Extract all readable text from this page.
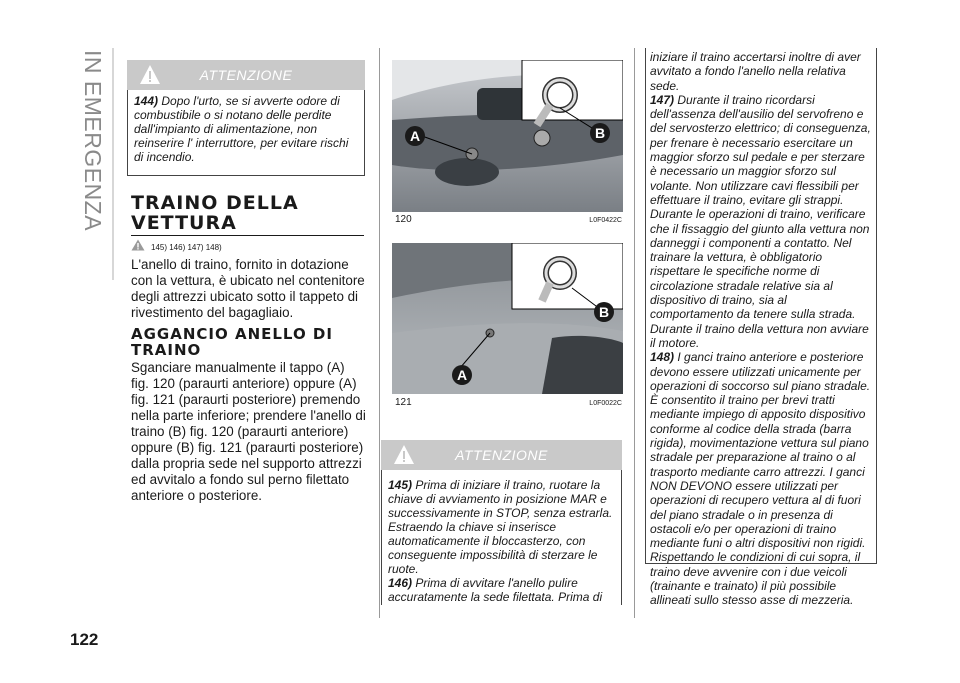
IN EMERGENZA
122
ATTENZIONE
144) Dopo l'urto, se si avverte odore di combustibile o si notano delle perdite dall'impianto di alimentazione, non reinserire l' interruttore, per evitare rischi di incendio.
TRAINO DELLA
VETTURA
145) 146) 147) 148)
L'anello di traino, fornito in dotazione con la vettura, è ubicato nel contenitore degli attrezzi ubicato sotto il tappeto di rivestimento del bagagliaio.
AGGANCIO ANELLO DI
TRAINO
Sganciare manualmente il tappo (A) fig. 120 (paraurti anteriore) oppure (A) fig. 121 (paraurti posteriore) premendo nella parte inferiore; prendere l'anello di traino (B) fig. 120 (paraurti anteriore) oppure (B) fig. 121 (paraurti posteriore) dalla propria sede nel supporto attrezzi ed avvitalo a fondo sul perno filettato anteriore o posteriore.
A	B
120	L0F0422C
A
B
121	L0F0022C
ATTENZIONE
145) Prima di iniziare il traino, ruotare la chiave di avviamento in posizione MAR e successivamente in STOP, senza estrarla. Estraendo la chiave si inserisce automaticamente il bloccasterzo, con conseguente impossibilità di sterzare le ruote.
146) Prima di avvitare l'anello pulire accuratamente la sede filettata. Prima di
iniziare il traino accertarsi inoltre di aver avvitato a fondo l'anello nella relativa sede.
147) Durante il traino ricordarsi dell'assenza dell'ausilio del servofreno e del servosterzo elettrico; di conseguenza, per frenare è necessario esercitare un maggior sforzo sul pedale e per sterzare è necessario un maggior sforzo sul volante. Non utilizzare cavi flessibili per effettuare il traino, evitare gli strappi. Durante le operazioni di traino, verificare che il fissaggio del giunto alla vettura non danneggi i componenti a contatto. Nel trainare la vettura, è obbligatorio rispettare le specifiche norme di circolazione stradale relative sia al dispositivo di traino, sia al comportamento da tenere sulla strada. Durante il traino della vettura non avviare il motore.
148) I ganci traino anteriore e posteriore devono essere utilizzati unicamente per operazioni di soccorso sul piano stradale. È consentito il traino per brevi tratti mediante impiego di apposito dispositivo conforme al codice della strada (barra rigida), movimentazione vettura sul piano stradale per preparazione al traino o al trasporto mediante carro attrezzi. I ganci NON DEVONO essere utilizzati per operazioni di recupero vettura al di fuori del piano stradale o in presenza di ostacoli e/o per operazioni di traino mediante funi o altri dispositivi non rigidi. Rispettando le condizioni di cui sopra, il traino deve avvenire con i due veicoli (trainante e trainato) il più possibile allineati sullo stesso asse di mezzeria.
